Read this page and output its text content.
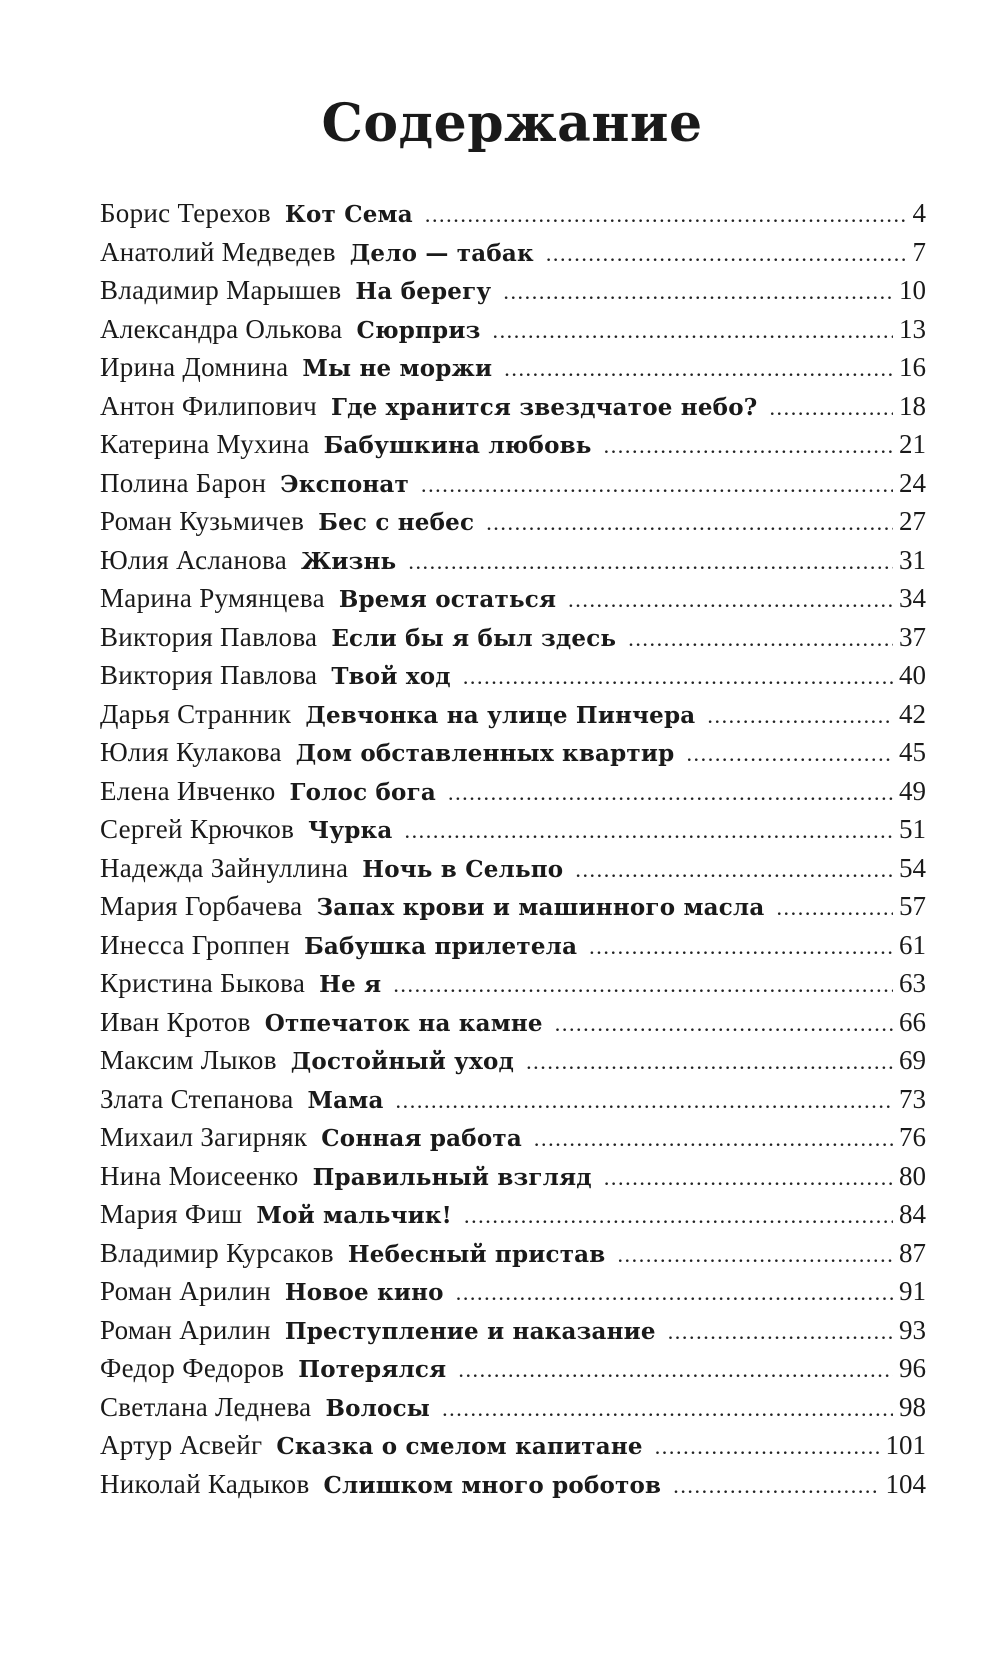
Содержание
Борис Терехов Кот Сема .....	4
Анатолий Медведев Дело — табак .....	7
Владимир Марышев На берегу .....	10
Александра Олькова Сюрприз .....	13
Ирина Домнина Мы не моржи .....	16
Антон Филипович Где хранится звездчатое небо? .....	18
Катерина Мухина Бабушкина любовь .....	21
Полина Барон Экспонат .....	24
Роман Кузьмичев Бес с небес .....	27
Юлия Асланова Жизнь .....	31
Марина Румянцева Время остаться .....	34
Виктория Павлова Если бы я был здесь .....	37
Виктория Павлова Твой ход .....	40
Дарья Странник Девчонка на улице Пинчера .....	42
Юлия Кулакова Дом обставленных квартир .....	45
Елена Ивченко Голос бога .....	49
Сергей Крючков Чурка .....	51
Надежда Зайнуллина Ночь в Сельпо .....	54
Мария Горбачева Запах крови и машинного масла .....	57
Инесса Гроппен Бабушка прилетела .....	61
Кристина Быкова Не я .....	63
Иван Кротов Отпечаток на камне .....	66
Максим Лыков Достойный уход .....	69
Злата Степанова Мама .....	73
Михаил Загирняк Сонная работа .....	76
Нина Моисеенко Правильный взгляд .....	80
Мария Фиш Мой мальчик! .....	84
Владимир Курсаков Небесный пристав .....	87
Роман Арилин Новое кино .....	91
Роман Арилин Преступление и наказание .....	93
Федор Федоров Потерялся .....	96
Светлана Леднева Волосы .....	98
Артур Асвейг Сказка о смелом капитане .....	101
Николай Кадыков Слишком много роботов .....	104
